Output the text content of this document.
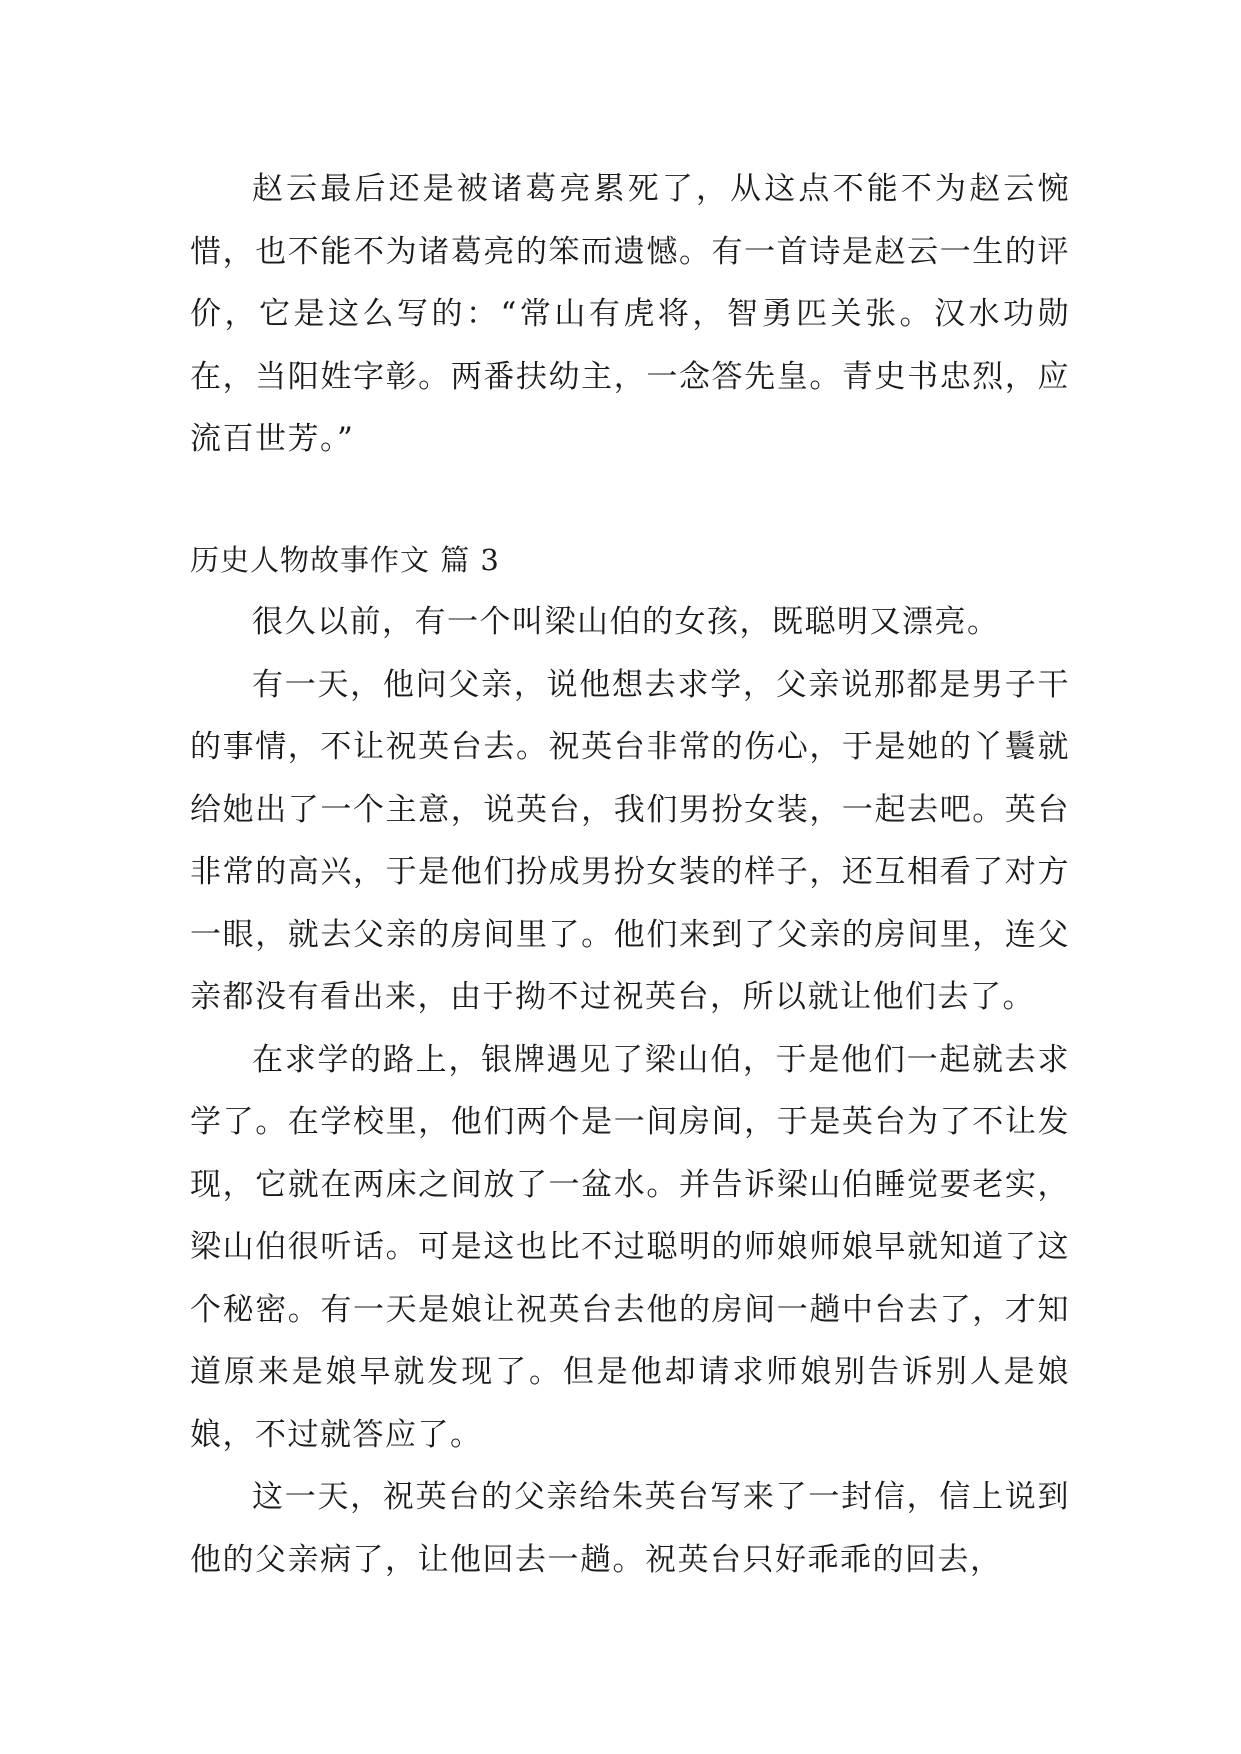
赵云最后还是被诸葛亮累死了，从这点不能不为赵云惋惜，也不能不为诸葛亮的笨而遗憾。有一首诗是赵云一生的评价，它是这么写的：“常山有虎将，智勇匹关张。汉水功勋在，当阳姓字彰。两番扶幼主，一念答先皇。青史书忠烈，应流百世芳。”

历史人物故事作文 篇 3

很久以前，有一个叫梁山伯的女孩，既聪明又漂亮。

有一天，他问父亲，说他想去求学，父亲说那都是男子干的事情，不让祝英台去。祝英台非常的伤心，于是她的丫鬟就给她出了一个主意，说英台，我们男扮女装，一起去吧。英台非常的高兴，于是他们扮成男扮女装的样子，还互相看了对方一眼，就去父亲的房间里了。他们来到了父亲的房间里，连父亲都没有看出来，由于拗不过祝英台，所以就让他们去了。

在求学的路上，银牌遇见了梁山伯，于是他们一起就去求学了。在学校里，他们两个是一间房间，于是英台为了不让发现，它就在两床之间放了一盆水。并告诉梁山伯睡觉要老实，梁山伯很听话。可是这也比不过聪明的师娘师娘早就知道了这个秘密。有一天是娘让祝英台去他的房间一趟中台去了，才知道原来是娘早就发现了。但是他却请求师娘别告诉别人是娘娘，不过就答应了。

这一天，祝英台的父亲给朱英台写来了一封信，信上说到他的父亲病了，让他回去一趟。祝英台只好乖乖的回去，
